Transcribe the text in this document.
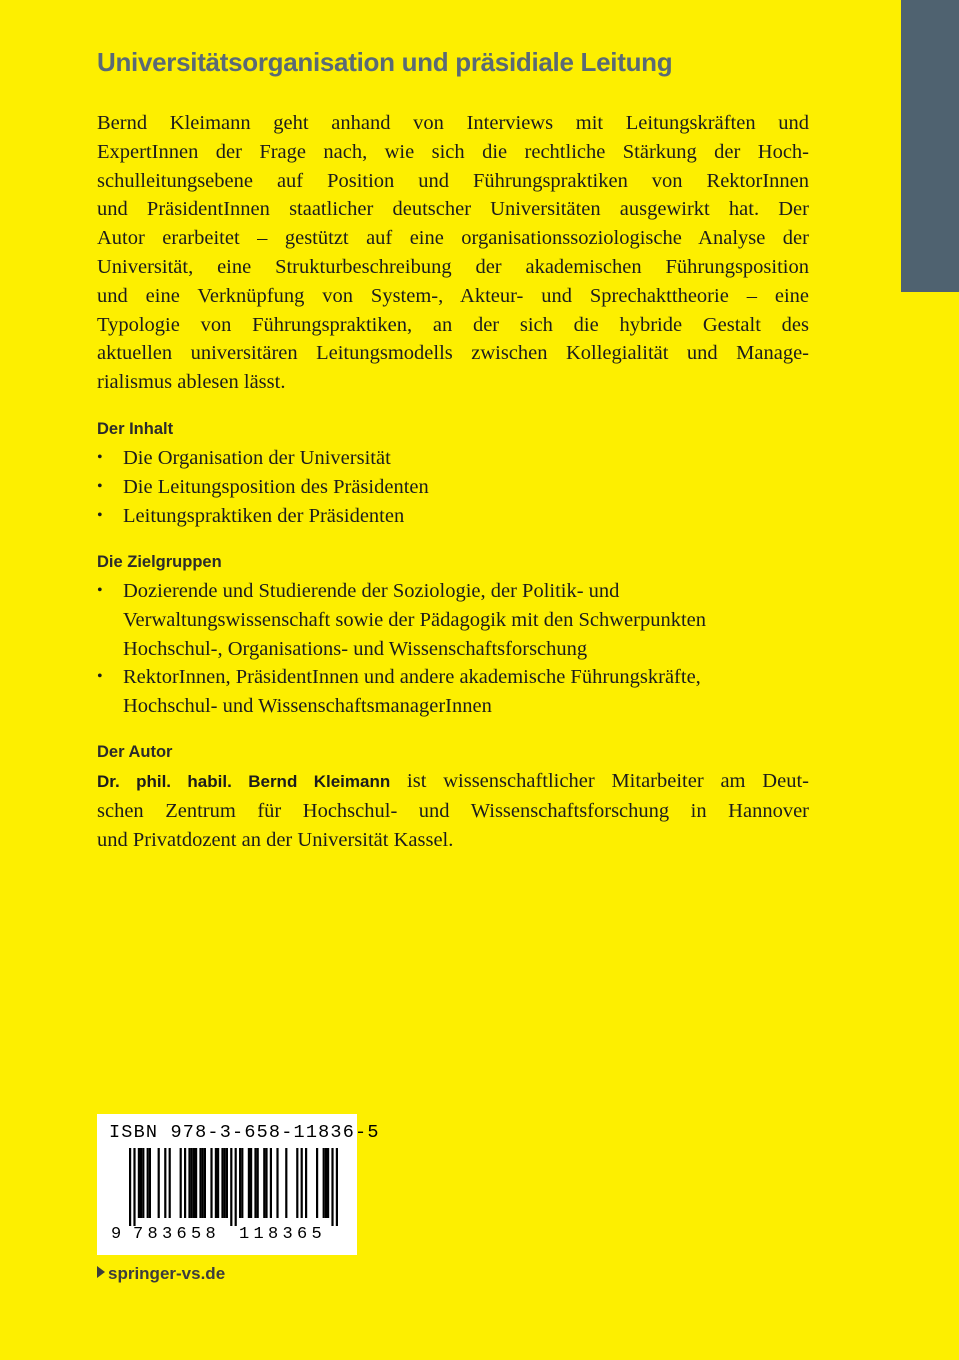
Universitätsorganisation und präsidiale Leitung
Bernd Kleimann geht anhand von Interviews mit Leitungskräften und
ExpertInnen der Frage nach, wie sich die rechtliche Stärkung der Hoch-
schulleitungsebene auf Position und Führungspraktiken von RektorInnen
und PräsidentInnen staatlicher deutscher Universitäten ausgewirkt hat. Der
Autor erarbeitet – gestützt auf eine organisationssoziologische Analyse der
Universität, eine Strukturbeschreibung der akademischen Führungsposition
und eine Verknüpfung von System-, Akteur- und Sprechakttheorie – eine
Typologie von Führungspraktiken, an der sich die hybride Gestalt des
aktuellen universitären Leitungsmodells zwischen Kollegialität und Manage-
rialismus ablesen lässt.
Der Inhalt
• Die Organisation der Universität
• Die Leitungsposition des Präsidenten
• Leitungspraktiken der Präsidenten
Die Zielgruppen
• Dozierende und Studierende der Soziologie, der Politik- und
Verwaltungswissenschaft sowie der Pädagogik mit den Schwerpunkten
Hochschul-, Organisations- und Wissenschaftsforschung
• RektorInnen, PräsidentInnen und andere akademische Führungskräfte,
Hochschul- und WissenschaftsmanagerInnen
Der Autor
Dr. phil. habil. Bernd Kleimann ist wissenschaftlicher Mitarbeiter am Deut-
schen Zentrum für Hochschul- und Wissenschaftsforschung in Hannover
und Privatdozent an der Universität Kassel.
ISBN 978-3-658-11836-5
9 783658 118365
springer-vs.de
